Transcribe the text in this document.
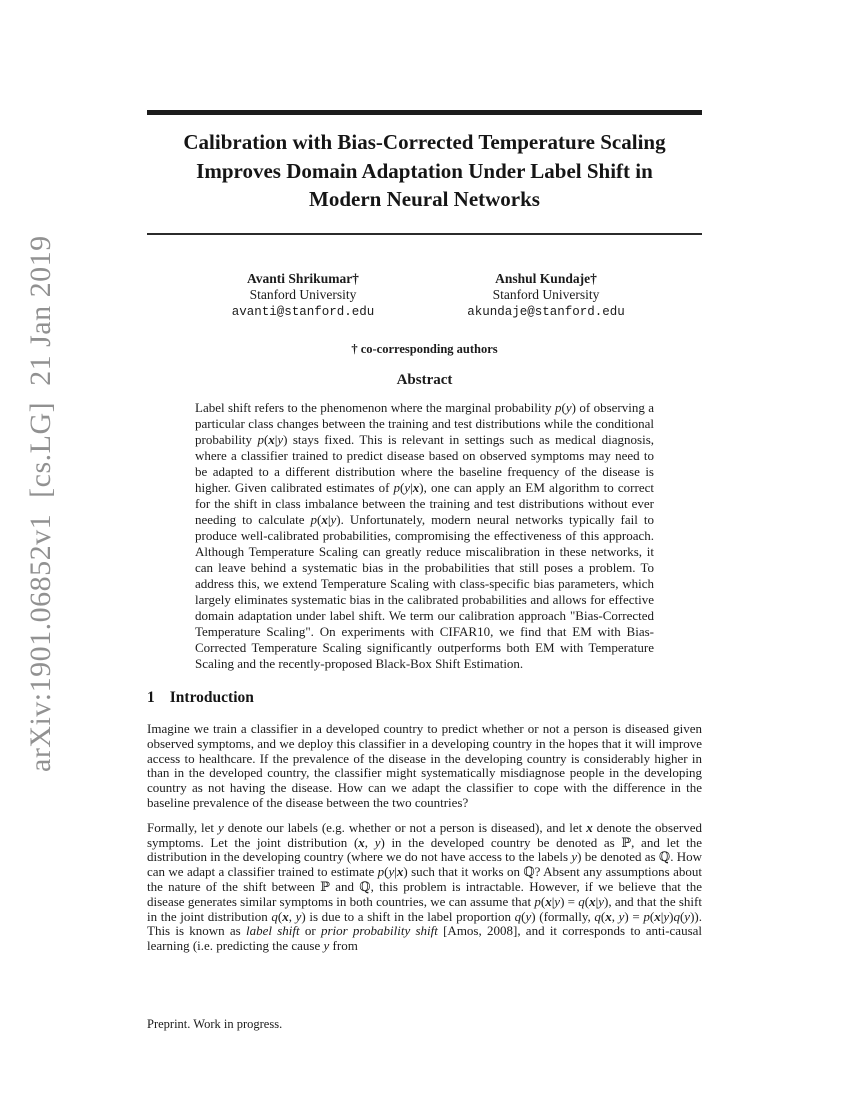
arXiv:1901.06852v1  [cs.LG]  21 Jan 2019
Calibration with Bias-Corrected Temperature Scaling
Improves Domain Adaptation Under Label Shift in
Modern Neural Networks
Avanti Shrikumar†
Stanford University
avanti@stanford.edu
Anshul Kundaje†
Stanford University
akundaje@stanford.edu
† co-corresponding authors
Abstract
Label shift refers to the phenomenon where the marginal probability p(y) of observing a particular class changes between the training and test distributions while the conditional probability p(x|y) stays fixed. This is relevant in settings such as medical diagnosis, where a classifier trained to predict disease based on observed symptoms may need to be adapted to a different distribution where the baseline frequency of the disease is higher. Given calibrated estimates of p(y|x), one can apply an EM algorithm to correct for the shift in class imbalance between the training and test distributions without ever needing to calculate p(x|y). Unfortunately, modern neural networks typically fail to produce well-calibrated probabilities, compromising the effectiveness of this approach. Although Temperature Scaling can greatly reduce miscalibration in these networks, it can leave behind a systematic bias in the probabilities that still poses a problem. To address this, we extend Temperature Scaling with class-specific bias parameters, which largely eliminates systematic bias in the calibrated probabilities and allows for effective domain adaptation under label shift. We term our calibration approach "Bias-Corrected Temperature Scaling". On experiments with CIFAR10, we find that EM with Bias-Corrected Temperature Scaling significantly outperforms both EM with Temperature Scaling and the recently-proposed Black-Box Shift Estimation.
1 Introduction

Imagine we train a classifier in a developed country to predict whether or not a person is diseased given observed symptoms, and we deploy this classifier in a developing country in the hopes that it will improve access to healthcare. If the prevalence of the disease in the developing country is considerably higher in than in the developed country, the classifier might systematically misdiagnose people in the developing country as not having the disease. How can we adapt the classifier to cope with the difference in the baseline prevalence of the disease between the two countries?

Formally, let y denote our labels (e.g. whether or not a person is diseased), and let x denote the observed symptoms. Let the joint distribution (x, y) in the developed country be denoted as ℙ, and let the distribution in the developing country (where we do not have access to the labels y) be denoted as ℚ. How can we adapt a classifier trained to estimate p(y|x) such that it works on ℚ? Absent any assumptions about the nature of the shift between ℙ and ℚ, this problem is intractable. However, if we believe that the disease generates similar symptoms in both countries, we can assume that p(x|y) = q(x|y), and that the shift in the joint distribution q(x, y) is due to a shift in the label proportion q(y) (formally, q(x, y) = p(x|y)q(y)). This is known as label shift or prior probability shift [Amos, 2008], and it corresponds to anti-causal learning (i.e. predicting the cause y from

Preprint. Work in progress.
